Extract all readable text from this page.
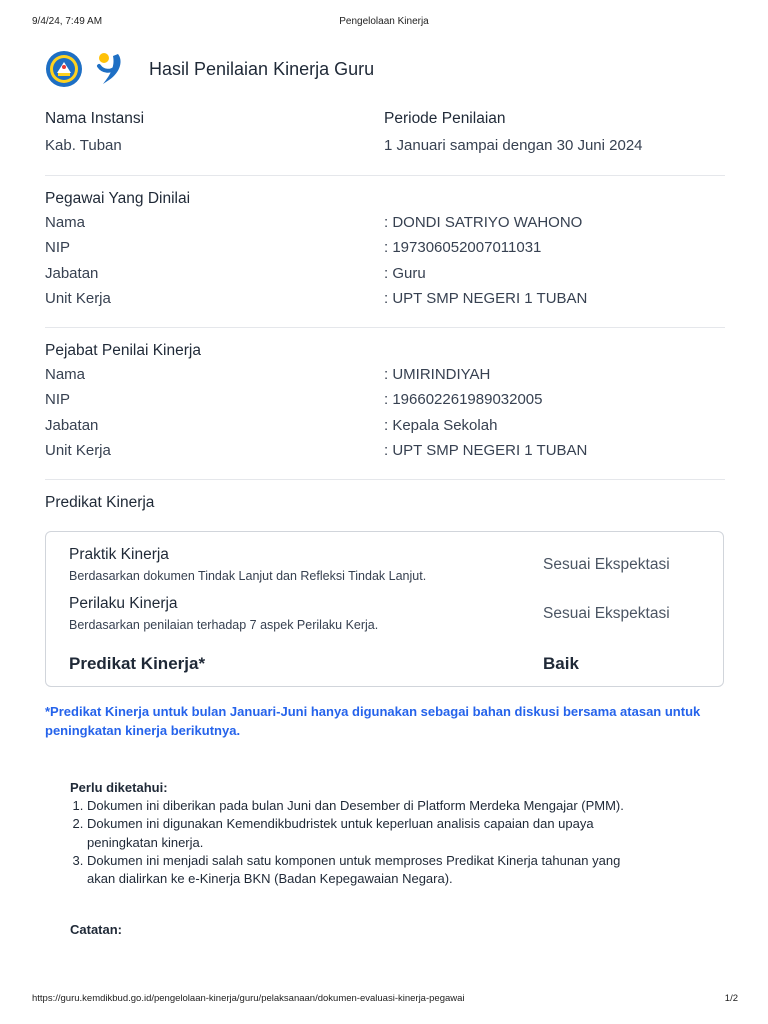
9/4/24, 7:49 AM	Pengelolaan Kinerja
Hasil Penilaian Kinerja Guru
Nama Instansi
Kab. Tuban
Periode Penilaian
1 Januari sampai dengan 30 Juni 2024
Pegawai Yang Dinilai
Nama	: DONDI SATRIYO WAHONO
NIP	: 197306052007011031
Jabatan	: Guru
Unit Kerja	: UPT SMP NEGERI 1 TUBAN
Pejabat Penilai Kinerja
Nama	: UMIRINDIYAH
NIP	: 196602261989032005
Jabatan	: Kepala Sekolah
Unit Kerja	: UPT SMP NEGERI 1 TUBAN
Predikat Kinerja
Praktik Kinerja
Berdasarkan dokumen Tindak Lanjut dan Refleksi Tindak Lanjut.
Sesuai Ekspektasi
Perilaku Kinerja
Berdasarkan penilaian terhadap 7 aspek Perilaku Kerja.
Sesuai Ekspektasi
Predikat Kinerja*	Baik
*Predikat Kinerja untuk bulan Januari-Juni hanya digunakan sebagai bahan diskusi bersama atasan untuk peningkatan kinerja berikutnya.
Perlu diketahui:
1. Dokumen ini diberikan pada bulan Juni dan Desember di Platform Merdeka Mengajar (PMM).
2. Dokumen ini digunakan Kemendikbudristek untuk keperluan analisis capaian dan upaya peningkatan kinerja.
3. Dokumen ini menjadi salah satu komponen untuk memproses Predikat Kinerja tahunan yang akan dialirkan ke e-Kinerja BKN (Badan Kepegawaian Negara).
Catatan:
https://guru.kemdikbud.go.id/pengelolaan-kinerja/guru/pelaksanaan/dokumen-evaluasi-kinerja-pegawai	1/2
